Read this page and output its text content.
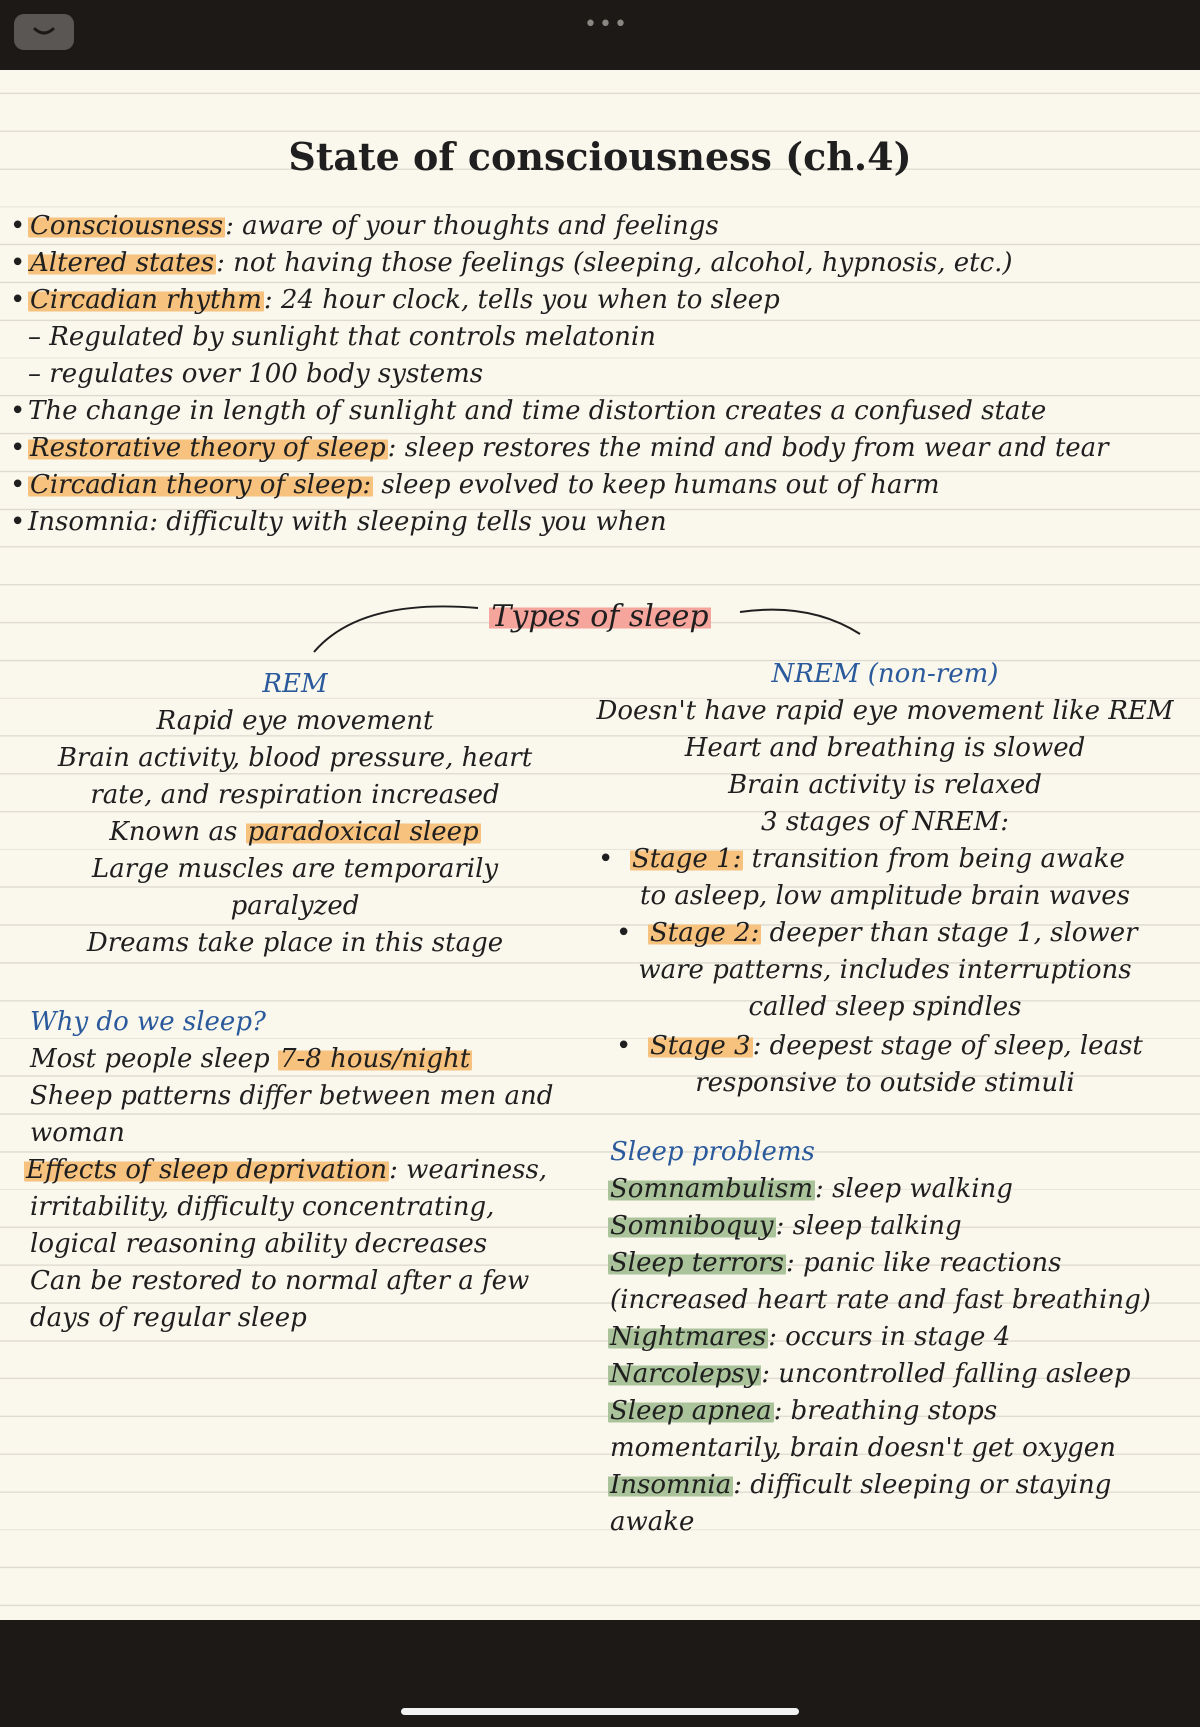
•••
State of consciousness (ch.4)
• Consciousness: aware of your thoughts and feelings
• Altered states: not having those feelings (sleeping, alcohol, hypnosis, etc.)
• Circadian rhythm: 24 hour clock, tells you when to sleep
– Regulated by sunlight that controls melatonin
– regulates over 100 body systems
• The change in length of sunlight and time distortion creates a confused state
• Restorative theory of sleep: sleep restores the mind and body from wear and tear
• Circadian theory of sleep: sleep evolved to keep humans out of harm
• Insomnia: difficulty with sleeping tells you when
Types of sleep
REM
Rapid eye movement
Brain activity, blood pressure, heart
rate, and respiration increased
Known as paradoxical sleep
Large muscles are temporarily
paralyzed
Dreams take place in this stage
NREM (non-rem)
Doesn't have rapid eye movement like REM
Heart and breathing is slowed
Brain activity is relaxed
3 stages of NREM:
• Stage 1: transition from being awake
to asleep, low amplitude brain waves
• Stage 2: deeper than stage 1, slower
ware patterns, includes interruptions
called sleep spindles
• Stage 3: deepest stage of sleep, least
responsive to outside stimuli
Why do we sleep?
Most people sleep 7-8 hous/night
Sheep patterns differ between men and
woman
Effects of sleep deprivation: weariness,
irritability, difficulty concentrating,
logical reasoning ability decreases
Can be restored to normal after a few
days of regular sleep
Sleep problems
Somnambulism: sleep walking
Somniboquy: sleep talking
Sleep terrors: panic like reactions
(increased heart rate and fast breathing)
Nightmares: occurs in stage 4
Narcolepsy: uncontrolled falling asleep
Sleep apnea: breathing stops
momentarily, brain doesn't get oxygen
Insomnia: difficult sleeping or staying
awake
